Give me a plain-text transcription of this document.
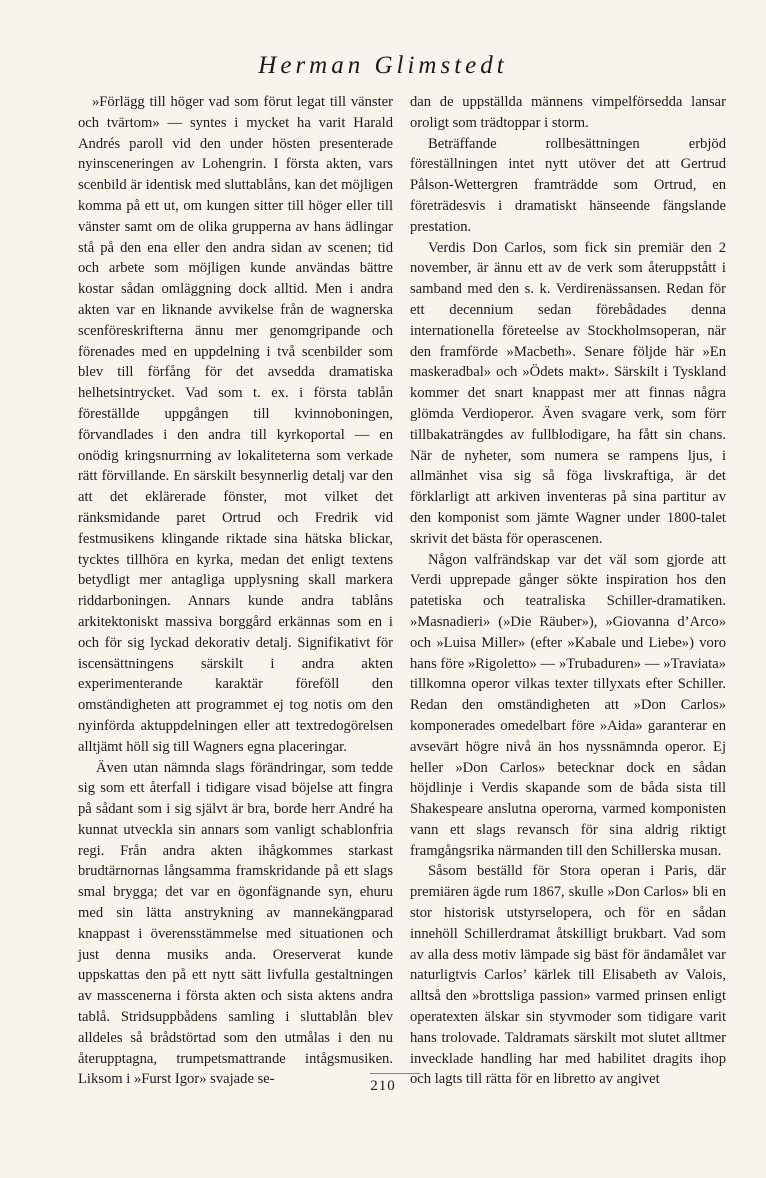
Herman Glimstedt

»Förlägg till höger vad som förut legat till vänster och tvärtom» — syntes i mycket ha varit Harald Andrés paroll vid den under hösten presenterade nyinsceneringen av Lohengrin. I första akten, vars scenbild är identisk med sluttablåns, kan det möjligen komma på ett ut, om kungen sitter till höger eller till vänster samt om de olika grupperna av hans ädlingar stå på den ena eller den andra sidan av scenen; tid och arbete som möjligen kunde användas bättre kostar sådan omläggning dock alltid. Men i andra akten var en liknande avvikelse från de wagnerska scenföreskrifterna ännu mer genomgripande och förenades med en uppdelning i två scenbilder som blev till förfång för det avsedda dramatiska helhetsintrycket. Vad som t. ex. i första tablån föreställde uppgången till kvinnoboningen, förvandlades i den andra till kyrkoportal — en onödig kringsnurrning av lokaliteterna som verkade rätt förvillande. En särskilt besynnerlig detalj var den att det eklärerade fönster, mot vilket det ränksmidande paret Ortrud och Fredrik vid festmusikens klingande riktade sina hätska blickar, tycktes tillhöra en kyrka, medan det enligt textens betydligt mer antagliga upplysning skall markera riddarboningen. Annars kunde andra tablåns arkitektoniskt massiva borggård erkännas som en i och för sig lyckad dekorativ detalj. Signifikativt för iscensättningens särskilt i andra akten experimenterande karaktär föreföll den omständigheten att programmet ej tog notis om den nyinförda aktuppdelningen eller att textredogörelsen alltjämt höll sig till Wagners egna placeringar.

Även utan nämnda slags förändringar, som tedde sig som ett återfall i tidigare visad böjelse att fingra på sådant som i sig självt är bra, borde herr André ha kunnat utveckla sin annars som vanligt schablonfria regi. Från andra akten ihågkommes starkast brudtärnornas långsamma framskridande på ett slags smal brygga; det var en ögonfägnande syn, ehuru med sin lätta anstrykning av mannekängparad knappast i överensstämmelse med situationen och just denna musiks anda. Oreserverat kunde uppskattas den på ett nytt sätt livfulla gestaltningen av masscenerna i första akten och sista aktens andra tablå. Stridsuppbådens samling i sluttablån blev alldeles så brådstörtad som den utmålas i den nu återupptagna, trumpetsmattrande intågsmusiken. Liksom i »Furst Igor» svajade se-

dan de uppställda männens vimpelförsedda lansar oroligt som trädtoppar i storm.

Beträffande rollbesättningen erbjöd föreställningen intet nytt utöver det att Gertrud Pålson-Wettergren framträdde som Ortrud, en företrädesvis i dramatiskt hänseende fängslande prestation.

Verdis Don Carlos, som fick sin premiär den 2 november, är ännu ett av de verk som återuppstått i samband med den s. k. Verdirenässansen. Redan för ett decennium sedan förebådades denna internationella företeelse av Stockholmsoperan, när den framförde »Macbeth». Senare följde här »En maskeradbal» och »Ödets makt». Särskilt i Tyskland kommer det snart knappast mer att finnas några glömda Verdioperor. Även svagare verk, som förr tillbakaträngdes av fullblodigare, ha fått sin chans. När de nyheter, som numera se rampens ljus, i allmänhet visa sig så föga livskraftiga, är det förklarligt att arkiven inventeras på sina partitur av den komponist som jämte Wagner under 1800-talet skrivit det bästa för operascenen.

Någon valfrändskap var det väl som gjorde att Verdi upprepade gånger sökte inspiration hos den patetiska och teatraliska Schiller-dramatiken. »Masnadieri» (»Die Räuber»), »Giovanna d’Arco» och »Luisa Miller» (efter »Kabale und Liebe») voro hans före »Rigoletto» — »Trubaduren» — »Traviata» tillkomna operor vilkas texter tillyxats efter Schiller. Redan den omständigheten att »Don Carlos» komponerades omedelbart före »Aida» garanterar en avsevärt högre nivå än hos nyssnämnda operor. Ej heller »Don Carlos» betecknar dock en sådan höjdlinje i Verdis skapande som de båda sista till Shakespeare anslutna operorna, varmed komponisten vann ett slags revansch för sina aldrig riktigt framgångsrika närmanden till den Schillerska musan.

Såsom beställd för Stora operan i Paris, där premiären ägde rum 1867, skulle »Don Carlos» bli en stor historisk utstyrselopera, och för en sådan innehöll Schillerdramat åtskilligt brukbart. Vad som av alla dess motiv lämpade sig bäst för ändamålet var naturligtvis Carlos’ kärlek till Elisabeth av Valois, alltså den »brottsliga passion» varmed prinsen enligt operatexten älskar sin styvmoder som tidigare varit hans trolovade. Taldramats särskilt mot slutet alltmer invecklade handling har med habilitet dragits ihop och lagts till rätta för en libretto av angivet

210
